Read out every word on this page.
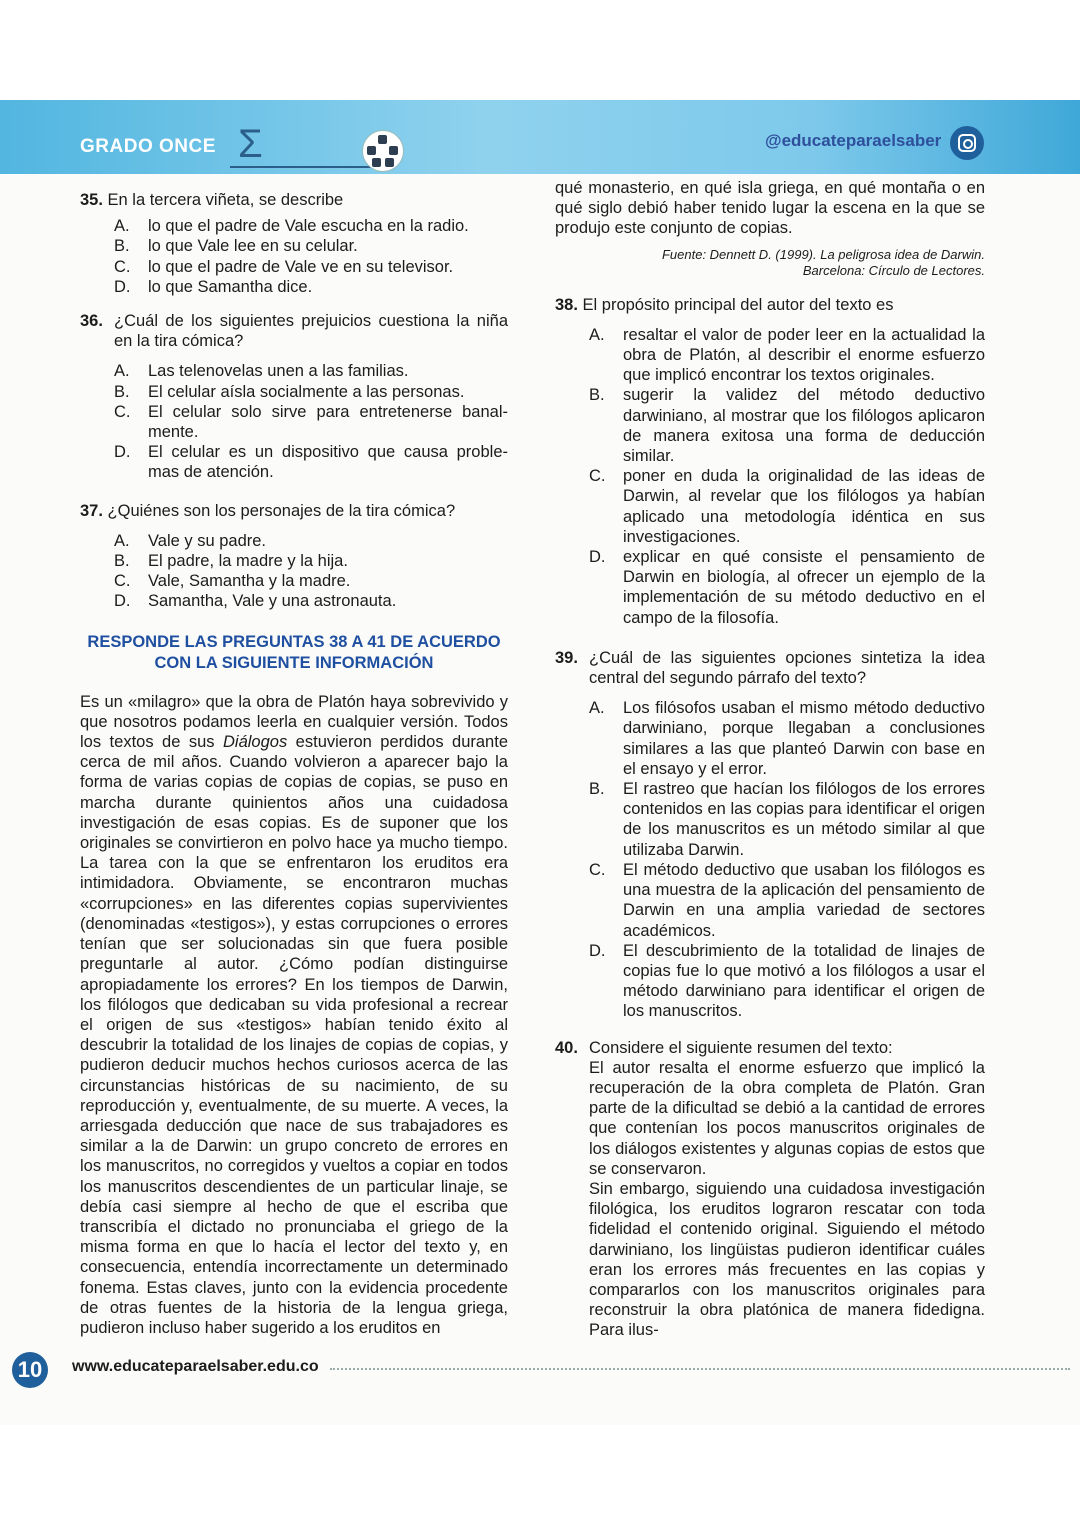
GRADO ONCE Σ	@educateparaelsaber

35. En la tercera viñeta, se describe

A.	lo que el padre de Vale escucha en la radio.
B.	lo que Vale lee en su celular.
C.	lo que el padre de Vale ve en su televisor.
D.	lo que Samantha dice.
36. ¿Cuál de los siguientes prejuicios cuestiona la niña en la tira cómica?
A.	Las telenovelas unen a las familias.
B.	El celular aísla socialmente a las personas.
C.	El celular solo sirve para entretenerse banal-mente.
D.	El celular es un dispositivo que causa proble-mas de atención.

37. ¿Quiénes son los personajes de la tira cómica?

A.	Vale y su padre.
B.	El padre, la madre y la hija.
C.	Vale, Samantha y la madre.
D.	Samantha, Vale y una astronauta.

RESPONDE LAS PREGUNTAS 38 A 41 DE ACUERDO

CON LA SIGUIENTE INFORMACIÓN

Es un «milagro» que la obra de Platón haya sobrevivido y que nosotros podamos leerla en cualquier versión. Todos los textos de sus Diálogos estuvieron perdidos durante cerca de mil años. Cuando volvieron a aparecer bajo la forma de varias copias de copias de copias, se puso en marcha durante quinientos años una cuidadosa investigación de esas copias. Es de suponer que los originales se convirtieron en polvo hace ya mucho tiempo. La tarea con la que se enfrentaron los eruditos era intimidadora. Obviamente, se encontraron muchas «corrupciones» en las diferentes copias supervivientes (denominadas «testigos»), y estas corrupciones o errores tenían que ser solucionadas sin que fuera posible preguntarle al autor. ¿Cómo podían distinguirse apropiadamente los errores? En los tiempos de Darwin, los filólogos que dedicaban su vida profesional a recrear el origen de sus «testigos» habían tenido éxito al descubrir la totalidad de los linajes de copias de copias, y pudieron deducir muchos hechos curiosos acerca de las circunstancias históricas de su nacimiento, de su reproducción y, eventualmente, de su muerte. A veces, la arriesgada deducción que nace de sus trabajadores es similar a la de Darwin: un grupo concreto de errores en los manuscritos, no corregidos y vueltos a copiar en todos los manuscritos descendientes de un particular linaje, se debía casi siempre al hecho de que el escriba que transcribía el dictado no pronunciaba el griego de la misma forma en que lo hacía el lector del texto y, en consecuencia, entendía incorrectamente un determinado fonema. Estas claves, junto con la evidencia procedente de otras fuentes de la historia de la lengua griega, pudieron incluso haber sugerido a los eruditos en

qué monasterio, en qué isla griega, en qué montaña o en qué siglo debió haber tenido lugar la escena en la que se produjo este conjunto de copias.

Fuente: Dennett D. (1999). La peligrosa idea de Darwin.

Barcelona: Círculo de Lectores.

38. El propósito principal del autor del texto es

A.	resaltar el valor de poder leer en la actualidad la obra de Platón, al describir el enorme esfuerzo que implicó encontrar los textos originales.
B.	sugerir la validez del método deductivo darwiniano, al mostrar que los filólogos aplicaron de manera exitosa una forma de deducción similar.
C.	poner en duda la originalidad de las ideas de Darwin, al revelar que los filólogos ya habían aplicado una metodología idéntica en sus investigaciones.
D.	explicar en qué consiste el pensamiento de Darwin en biología, al ofrecer un ejemplo de la implementación de su método deductivo en el campo de la filosofía.
39. ¿Cuál de las siguientes opciones sintetiza la idea central del segundo párrafo del texto?
A.	Los filósofos usaban el mismo método deductivo darwiniano, porque llegaban a conclusiones similares a las que planteó Darwin con base en el ensayo y el error.
B.	El rastreo que hacían los filólogos de los errores contenidos en las copias para identificar el origen de los manuscritos es un método similar al que utilizaba Darwin.
C.	El método deductivo que usaban los filólogos es una muestra de la aplicación del pensamiento de Darwin en una amplia variedad de sectores académicos.
D.	El descubrimiento de la totalidad de linajes de copias fue lo que motivó a los filólogos a usar el método darwiniano para identificar el origen de los manuscritos.
40. Considere el siguiente resumen del texto:

El autor resalta el enorme esfuerzo que implicó la recuperación de la obra completa de Platón. Gran parte de la dificultad se debió a la cantidad de errores que contenían los pocos manuscritos originales de los diálogos existentes y algunas copias de estos que se conservaron.

Sin embargo, siguiendo una cuidadosa investigación filológica, los eruditos lograron rescatar con toda fidelidad el contenido original. Siguiendo el método darwiniano, los lingüistas pudieron identificar cuáles eran los errores más frecuentes en las copias y compararlos con los manuscritos originales para reconstruir la obra platónica de manera fidedigna. Para ilus-

10	www.educateparaelsaber.edu.co
